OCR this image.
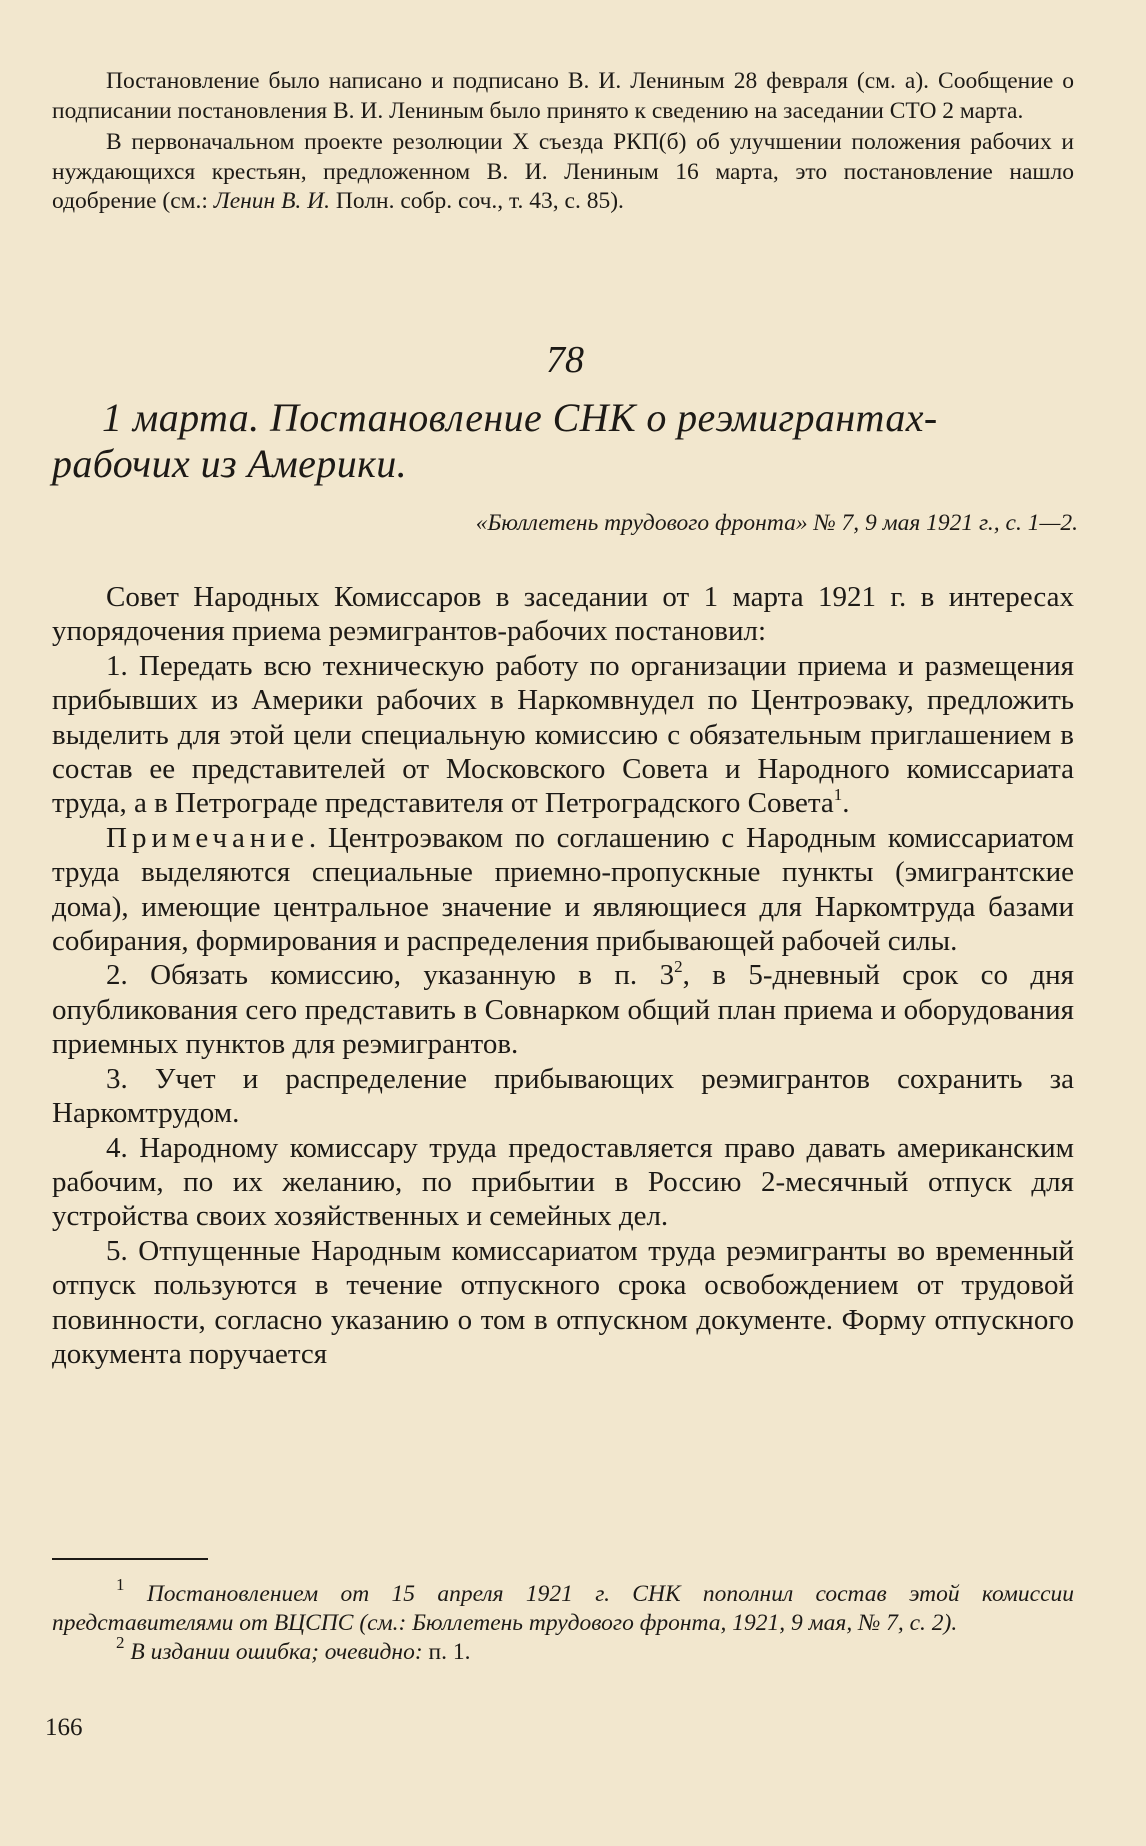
Постановление было написано и подписано В. И. Лениным 28 февраля (см. а). Сообщение о подписании постановления В. И. Лениным было принято к сведению на заседании СТО 2 марта.

В первоначальном проекте резолюции X съезда РКП(б) об улучшении положения рабочих и нуждающихся крестьян, предложенном В. И. Лениным 16 марта, это постановление нашло одобрение (см.: Ленин В. И. Полн. собр. соч., т. 43, с. 85).

78

1 марта. Постановление СНК о реэмигрантах-рабочих из Америки.

«Бюллетень трудового фронта» № 7, 9 мая 1921 г., с. 1—2.

Совет Народных Комиссаров в заседании от 1 марта 1921 г. в интересах упорядочения приема реэмигрантов-рабочих постановил:

1. Передать всю техническую работу по организации приема и размещения прибывших из Америки рабочих в Наркомвнудел по Центроэваку, предложить выделить для этой цели специальную комиссию с обязательным приглашением в состав ее представителей от Московского Совета и Народного комиссариата труда, а в Петрограде представителя от Петроградского Совета$^1$.

Примечание. Центроэваком по соглашению с Народным комиссариатом труда выделяются специальные приемно-пропускные пункты (эмигрантские дома), имеющие центральное значение и являющиеся для Наркомтруда базами собирания, формирования и распределения прибывающей рабочей силы.

2. Обязать комиссию, указанную в п. $3^2$, в 5-дневный срок со дня опубликования сего представить в Совнарком общий план приема и оборудования приемных пунктов для реэмигрантов.

3. Учет и распределение прибывающих реэмигрантов сохранить за Наркомтрудом.

4. Народному комиссару труда предоставляется право давать американским рабочим, по их желанию, по прибытии в Россию 2-месячный отпуск для устройства своих хозяйственных и семейных дел.

5. Отпущенные Народным комиссариатом труда реэмигранты во временный отпуск пользуются в течение отпускного срока освобождением от трудовой повинности, согласно указанию о том в отпускном документе. Форму отпускного документа поручается

$^1$ Постановлением от 15 апреля 1921 г. СНК пополнил состав этой комиссии представителями от ВЦСПС (см.: Бюллетень трудового фронта, 1921, 9 мая, № 7, с. 2).

$^2$ В издании ошибка; очевидно: п. 1.

166
